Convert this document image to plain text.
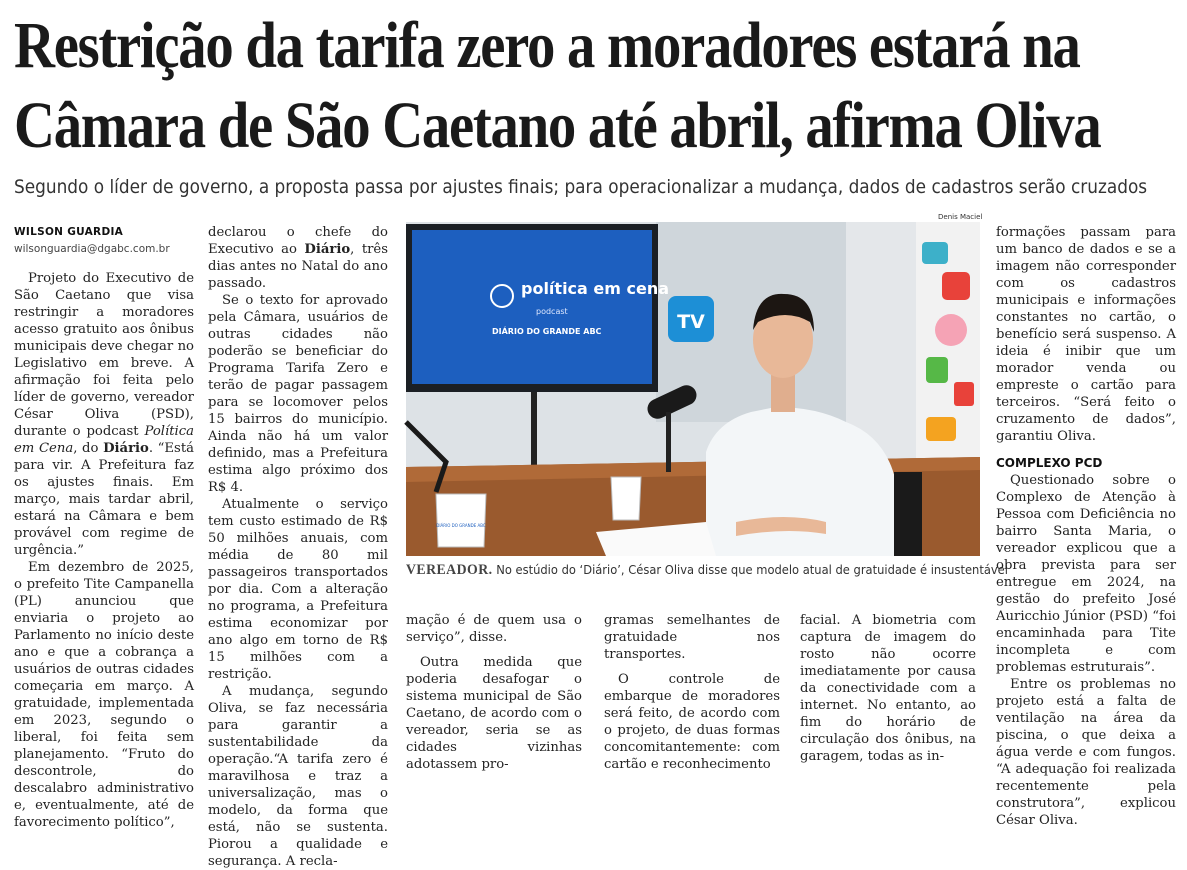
Restrição da tarifa zero a moradores estará na
Câmara de São Caetano até abril, afirma Oliva
Segundo o líder de governo, a proposta passa por ajustes finais; para operacionalizar a mudança, dados de cadastros serão cruzados
WILSON GUARDIA
wilsonguardia@dgabc.com.br

Projeto do Executivo de São Caetano que visa restringir a moradores acesso gratuito aos ônibus municipais deve chegar no Legislativo em breve. A afirmação foi feita pelo líder de governo, vereador César Oliva (PSD), durante o podcast Política em Cena, do Diário. “Está para vir. A Prefeitura faz os ajustes finais. Em março, mais tardar abril, estará na Câmara e bem provável com regime de urgência.”

Em dezembro de 2025, o prefeito Tite Campanella (PL) anunciou que enviaria o projeto ao Parlamento no início deste ano e que a cobrança a usuários de outras cidades começaria em março. A gratuidade, implementada em 2023, segundo o liberal, foi feita sem planejamento. “Fruto do descontrole, do descalabro administrativo e, eventualmente, até de favorecimento político”,

declarou o chefe do Executivo ao Diário, três dias antes no Natal do ano passado.

Se o texto for aprovado pela Câmara, usuários de outras cidades não poderão se beneficiar do Programa Tarifa Zero e terão de pagar passagem para se locomover pelos 15 bairros do município. Ainda não há um valor definido, mas a Prefeitura estima algo próximo dos R$ 4.

Atualmente o serviço tem custo estimado de R$ 50 milhões anuais, com média de 80 mil passageiros transportados por dia. Com a alteração no programa, a Prefeitura estima economizar por ano algo em torno de R$ 15 milhões com a restrição.

A mudança, segundo Oliva, se faz necessária para garantir a sustentabilidade da operação.“A tarifa zero é maravilhosa e traz a universalização, mas o modelo, da forma que está, não se sustenta. Piorou a qualidade e segurança. A recla-

Denis Maciel
TV
política em cena
podcast
DIÁRIO DO GRANDE ABC
DIÁRIO DO GRANDE ABC
VEREADOR. No estúdio do ‘Diário’, César Oliva disse que modelo atual de gratuidade é insustentável

mação é de quem usa o serviço”, disse.

Outra medida que poderia desafogar o sistema municipal de São Caetano, de acordo com o vereador, seria se as cidades vizinhas adotassem pro-

gramas semelhantes de gratuidade nos transportes.

O controle de embarque de moradores será feito, de acordo com o projeto, de duas formas concomitantemente: com cartão e reconhecimento

facial. A biometria com captura de imagem do rosto não ocorre imediatamente por causa da conectividade com a internet. No entanto, ao fim do horário de circulação dos ônibus, na garagem, todas as in-

formações passam para um banco de dados e se a imagem não corresponder com os cadastros municipais e informações constantes no cartão, o benefício será suspenso. A ideia é inibir que um morador venda ou empreste o cartão para terceiros. “Será feito o cruzamento de dados”, garantiu Oliva.

COMPLEXO PCD

Questionado sobre o Complexo de Atenção à Pessoa com Deficiência no bairro Santa Maria, o vereador explicou que a obra prevista para ser entregue em 2024, na gestão do prefeito José Auricchio Júnior (PSD) “foi encaminhada para Tite incompleta e com problemas estruturais”.

Entre os problemas no projeto está a falta de ventilação na área da piscina, o que deixa a água verde e com fungos. “A adequação foi realizada recentemente pela construtora”, explicou César Oliva.
